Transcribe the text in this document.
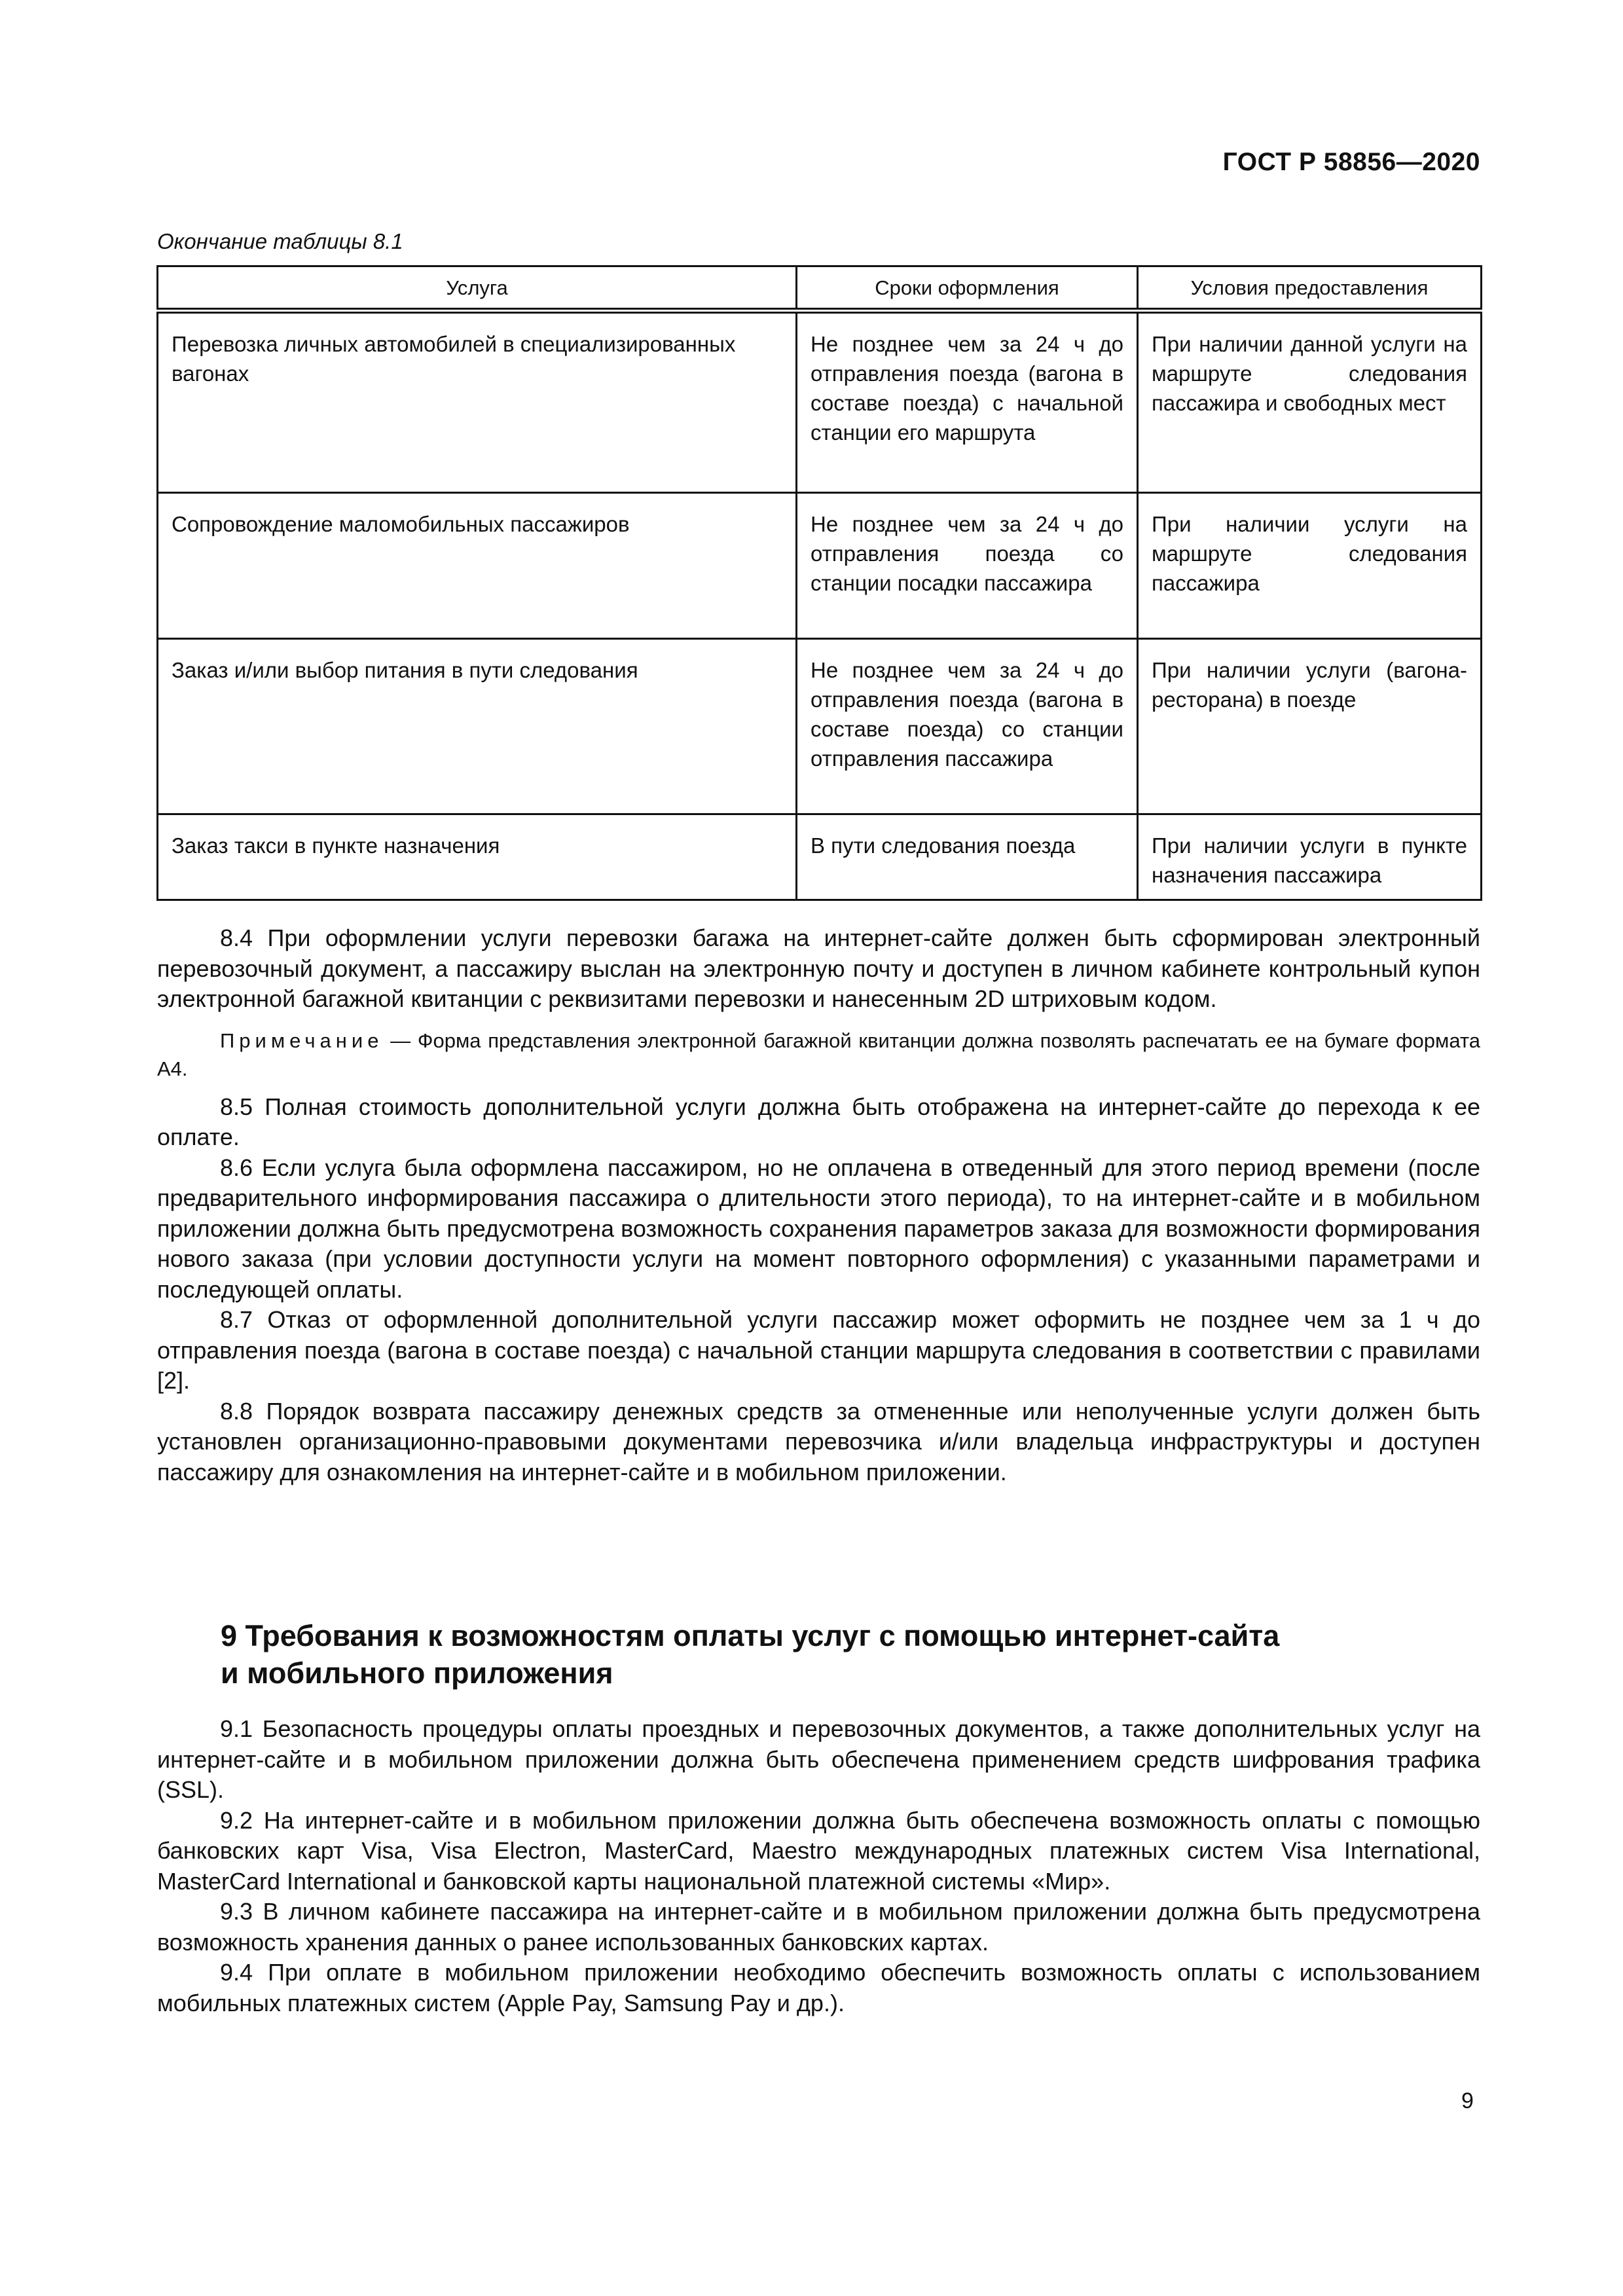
ГОСТ Р 58856—2020
Окончание таблицы 8.1
Услуга	Сроки оформления	Условия предоставления
Перевозка личных автомобилей в специализированных вагонах	Не позднее чем за 24 ч до отправления поезда (вагона в составе поезда) с начальной станции его маршрута	При наличии данной услуги на маршруте следования пассажира и свободных мест
Сопровождение маломобильных пассажиров	Не позднее чем за 24 ч до отправления поезда со станции посадки пассажира	При наличии услуги на маршруте следования пассажира
Заказ и/или выбор питания в пути следования	Не позднее чем за 24 ч до отправления поезда (вагона в составе поезда) со станции отправления пассажира	При наличии услуги (вагона-ресторана) в поезде
Заказ такси в пункте назначения	В пути следования поезда	При наличии услуги в пункте назначения пассажира

8.4 При оформлении услуги перевозки багажа на интернет-сайте должен быть сформирован электронный перевозочный документ, а пассажиру выслан на электронную почту и доступен в личном кабинете контрольный купон электронной багажной квитанции с реквизитами перевозки и нанесенным 2D штриховым кодом.

Примечание — Форма представления электронной багажной квитанции должна позволять распечатать ее на бумаге формата А4.

8.5 Полная стоимость дополнительной услуги должна быть отображена на интернет-сайте до перехода к ее оплате.

8.6 Если услуга была оформлена пассажиром, но не оплачена в отведенный для этого период времени (после предварительного информирования пассажира о длительности этого периода), то на интернет-сайте и в мобильном приложении должна быть предусмотрена возможность сохранения параметров заказа для возможности формирования нового заказа (при условии доступности услуги на момент повторного оформления) с указанными параметрами и последующей оплаты.

8.7 Отказ от оформленной дополнительной услуги пассажир может оформить не позднее чем за 1 ч до отправления поезда (вагона в составе поезда) с начальной станции маршрута следования в соответствии с правилами [2].

8.8 Порядок возврата пассажиру денежных средств за отмененные или неполученные услуги должен быть установлен организационно-правовыми документами перевозчика и/или владельца инфраструктуры и доступен пассажиру для ознакомления на интернет-сайте и в мобильном приложении.

9 Требования к возможностям оплаты услуг с помощью интернет-сайта
и мобильного приложения

9.1 Безопасность процедуры оплаты проездных и перевозочных документов, а также дополнительных услуг на интернет-сайте и в мобильном приложении должна быть обеспечена применением средств шифрования трафика (SSL).

9.2 На интернет-сайте и в мобильном приложении должна быть обеспечена возможность оплаты с помощью банковских карт Visa, Visa Electron, MasterCard, Maestro международных платежных систем Visa International, MasterCard International и банковской карты национальной платежной системы «Мир».

9.3 В личном кабинете пассажира на интернет-сайте и в мобильном приложении должна быть предусмотрена возможность хранения данных о ранее использованных банковских картах.

9.4 При оплате в мобильном приложении необходимо обеспечить возможность оплаты с использованием мобильных платежных систем (Apple Pay, Samsung Pay и др.).

9
